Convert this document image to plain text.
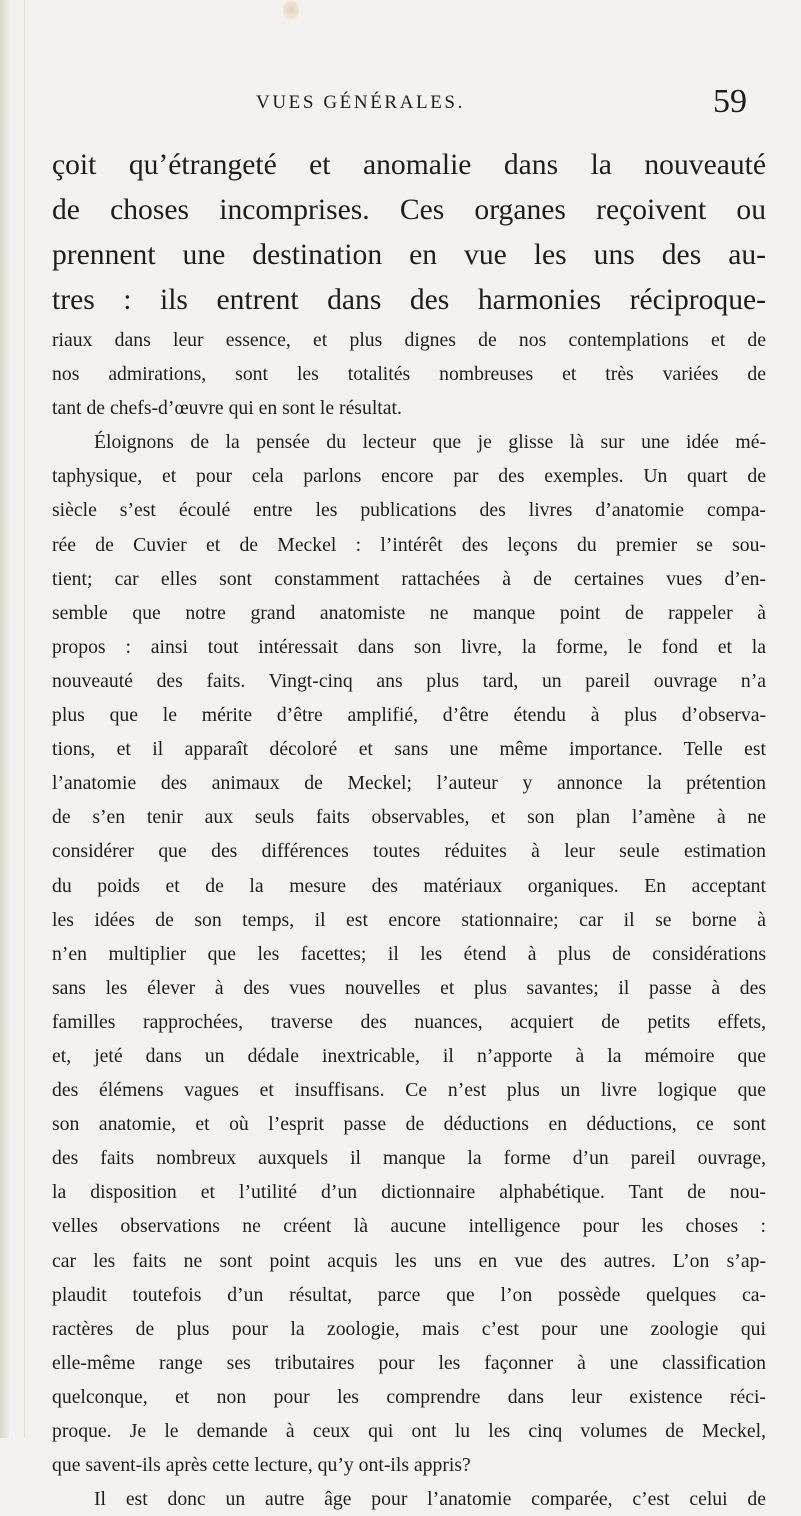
VUES GÉNÉRALES.	59
çoit qu’étrangeté et anomalie dans la nouveauté
de choses incomprises. Ces organes reçoivent ou
prennent une destination en vue les uns des au-
tres : ils entrent dans des harmonies réciproque-
riaux dans leur essence, et plus dignes de nos contemplations et de
nos admirations, sont les totalités nombreuses et très variées de
tant de chefs-d’œuvre qui en sont le résultat.
Éloignons de la pensée du lecteur que je glisse là sur une idée mé-
taphysique, et pour cela parlons encore par des exemples. Un quart de
siècle s’est écoulé entre les publications des livres d’anatomie compa-
rée de Cuvier et de Meckel : l’intérêt des leçons du premier se sou-
tient; car elles sont constamment rattachées à de certaines vues d’en-
semble que notre grand anatomiste ne manque point de rappeler à
propos : ainsi tout intéressait dans son livre, la forme, le fond et la
nouveauté des faits. Vingt-cinq ans plus tard, un pareil ouvrage n’a
plus que le mérite d’être amplifié, d’être étendu à plus d’observa-
tions, et il apparaît décoloré et sans une même importance. Telle est
l’anatomie des animaux de Meckel; l’auteur y annonce la prétention
de s’en tenir aux seuls faits observables, et son plan l’amène à ne
considérer que des différences toutes réduites à leur seule estimation
du poids et de la mesure des matériaux organiques. En acceptant
les idées de son temps, il est encore stationnaire; car il se borne à
n’en multiplier que les facettes; il les étend à plus de considérations
sans les élever à des vues nouvelles et plus savantes; il passe à des
familles rapprochées, traverse des nuances, acquiert de petits effets,
et, jeté dans un dédale inextricable, il n’apporte à la mémoire que
des élémens vagues et insuffisans. Ce n’est plus un livre logique que
son anatomie, et où l’esprit passe de déductions en déductions, ce sont
des faits nombreux auxquels il manque la forme d’un pareil ouvrage,
la disposition et l’utilité d’un dictionnaire alphabétique. Tant de nou-
velles observations ne créent là aucune intelligence pour les choses :
car les faits ne sont point acquis les uns en vue des autres. L’on s’ap-
plaudit toutefois d’un résultat, parce que l’on possède quelques ca-
ractères de plus pour la zoologie, mais c’est pour une zoologie qui
elle-même range ses tributaires pour les façonner à une classification
quelconque, et non pour les comprendre dans leur existence réci-
proque. Je le demande à ceux qui ont lu les cinq volumes de Meckel,
que savent-ils après cette lecture, qu’y ont-ils appris?
Il est donc un autre âge pour l’anatomie comparée, c’est celui de
